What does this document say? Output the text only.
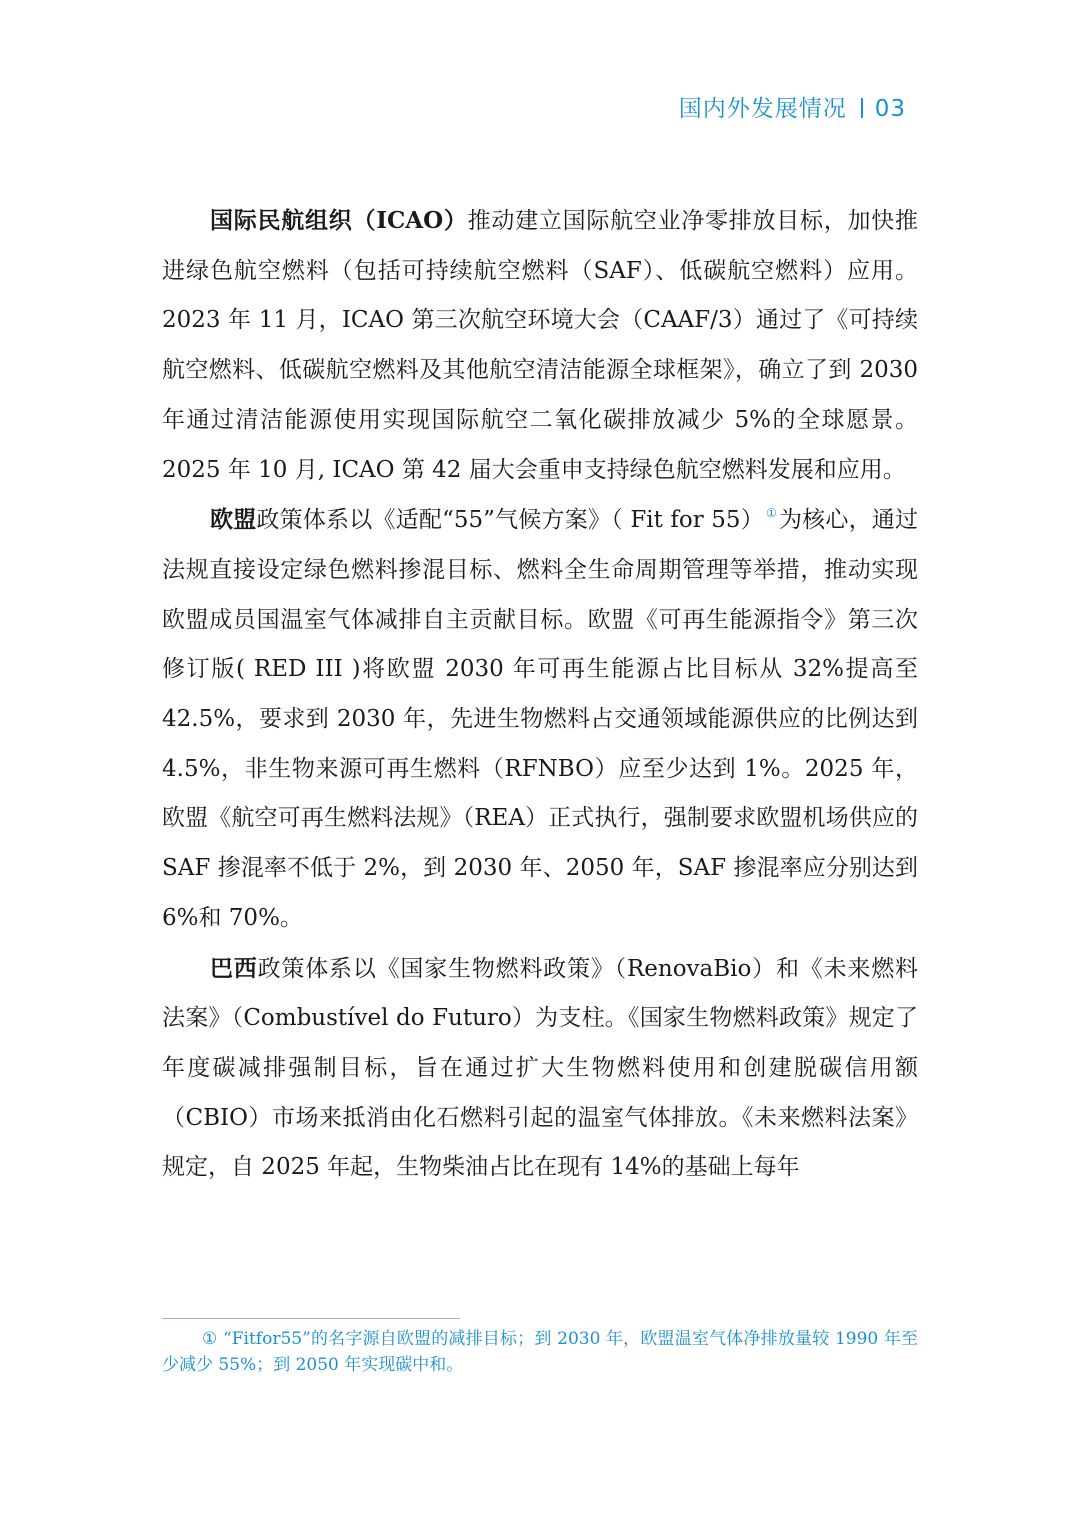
国内外发展情况 03

国际民航组织（ICAO）推动建立国际航空业净零排放目标，加快推进绿色航空燃料（包括可持续航空燃料（SAF）、低碳航空燃料）应用。2023 年 11 月，ICAO 第三次航空环境大会（CAAF/3）通过了《可持续航空燃料、低碳航空燃料及其他航空清洁能源全球框架》，确立了到 2030 年通过清洁能源使用实现国际航空二氧化碳排放减少 5%的全球愿景。2025 年 10 月, ICAO 第 42 届大会重申支持绿色航空燃料发展和应用。

欧盟政策体系以《适配“55”气候方案》（ Fit for 55） ①为核心，通过法规直接设定绿色燃料掺混目标、燃料全生命周期管理等举措，推动实现欧盟成员国温室气体减排自主贡献目标。欧盟《可再生能源指令》第三次修订版( RED III )将欧盟 2030 年可再生能源占比目标从 32%提高至 42.5%，要求到 2030 年，先进生物燃料占交通领域能源供应的比例达到 4.5%，非生物来源可再生燃料（RFNBO）应至少达到 1%。2025 年，欧盟《航空可再生燃料法规》（REA）正式执行，强制要求欧盟机场供应的 SAF 掺混率不低于 2%，到 2030 年、2050 年，SAF 掺混率应分别达到 6%和 70%。

巴西政策体系以《国家生物燃料政策》（RenovaBio）和《未来燃料法案》（Combustível do Futuro）为支柱。《国家生物燃料政策》规定了年度碳减排强制目标，旨在通过扩大生物燃料使用和创建脱碳信用额（CBIO）市场来抵消由化石燃料引起的温室气体排放。《未来燃料法案》规定，自 2025 年起，生物柴油占比在现有 14%的基础上每年

① “Fitfor55”的名字源自欧盟的减排目标；到 2030 年，欧盟温室气体净排放量较 1990 年至少减少 55%；到 2050 年实现碳中和。
